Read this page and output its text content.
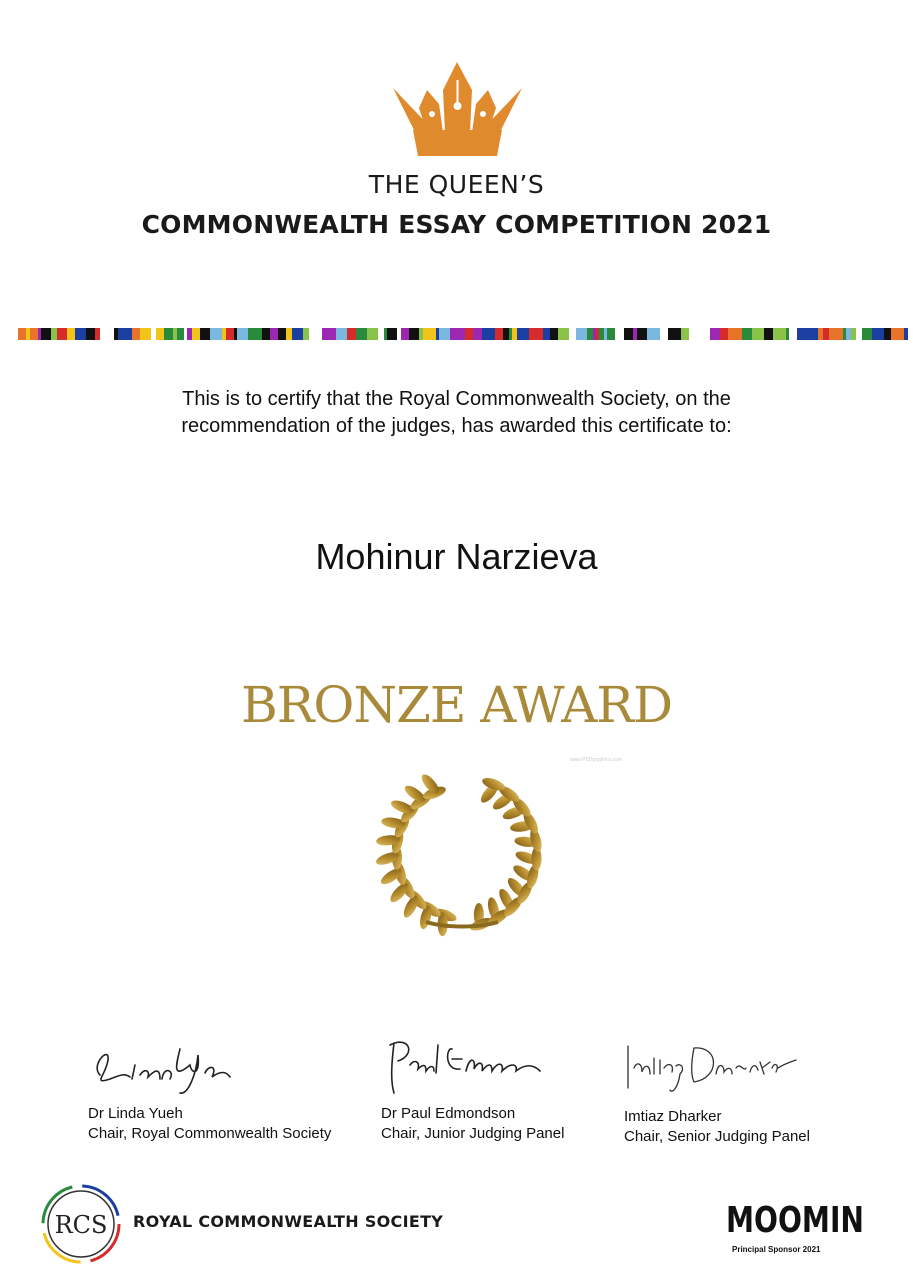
THE QUEEN’S
COMMONWEALTH ESSAY COMPETITION 2021
This is to certify that the Royal Commonwealth Society, on the
recommendation of the judges, has awarded this certificate to:
Mohinur Narzieva
BRONZE AWARD
www.PSDgraphics.com
Dr Linda Yueh
Chair, Royal Commonwealth Society
Dr Paul Edmondson
Chair, Junior Judging Panel
Imtiaz Dharker
Chair, Senior Judging Panel
RCS ROYAL COMMONWEALTH SOCIETY	MOOMIN
Principal Sponsor 2021
